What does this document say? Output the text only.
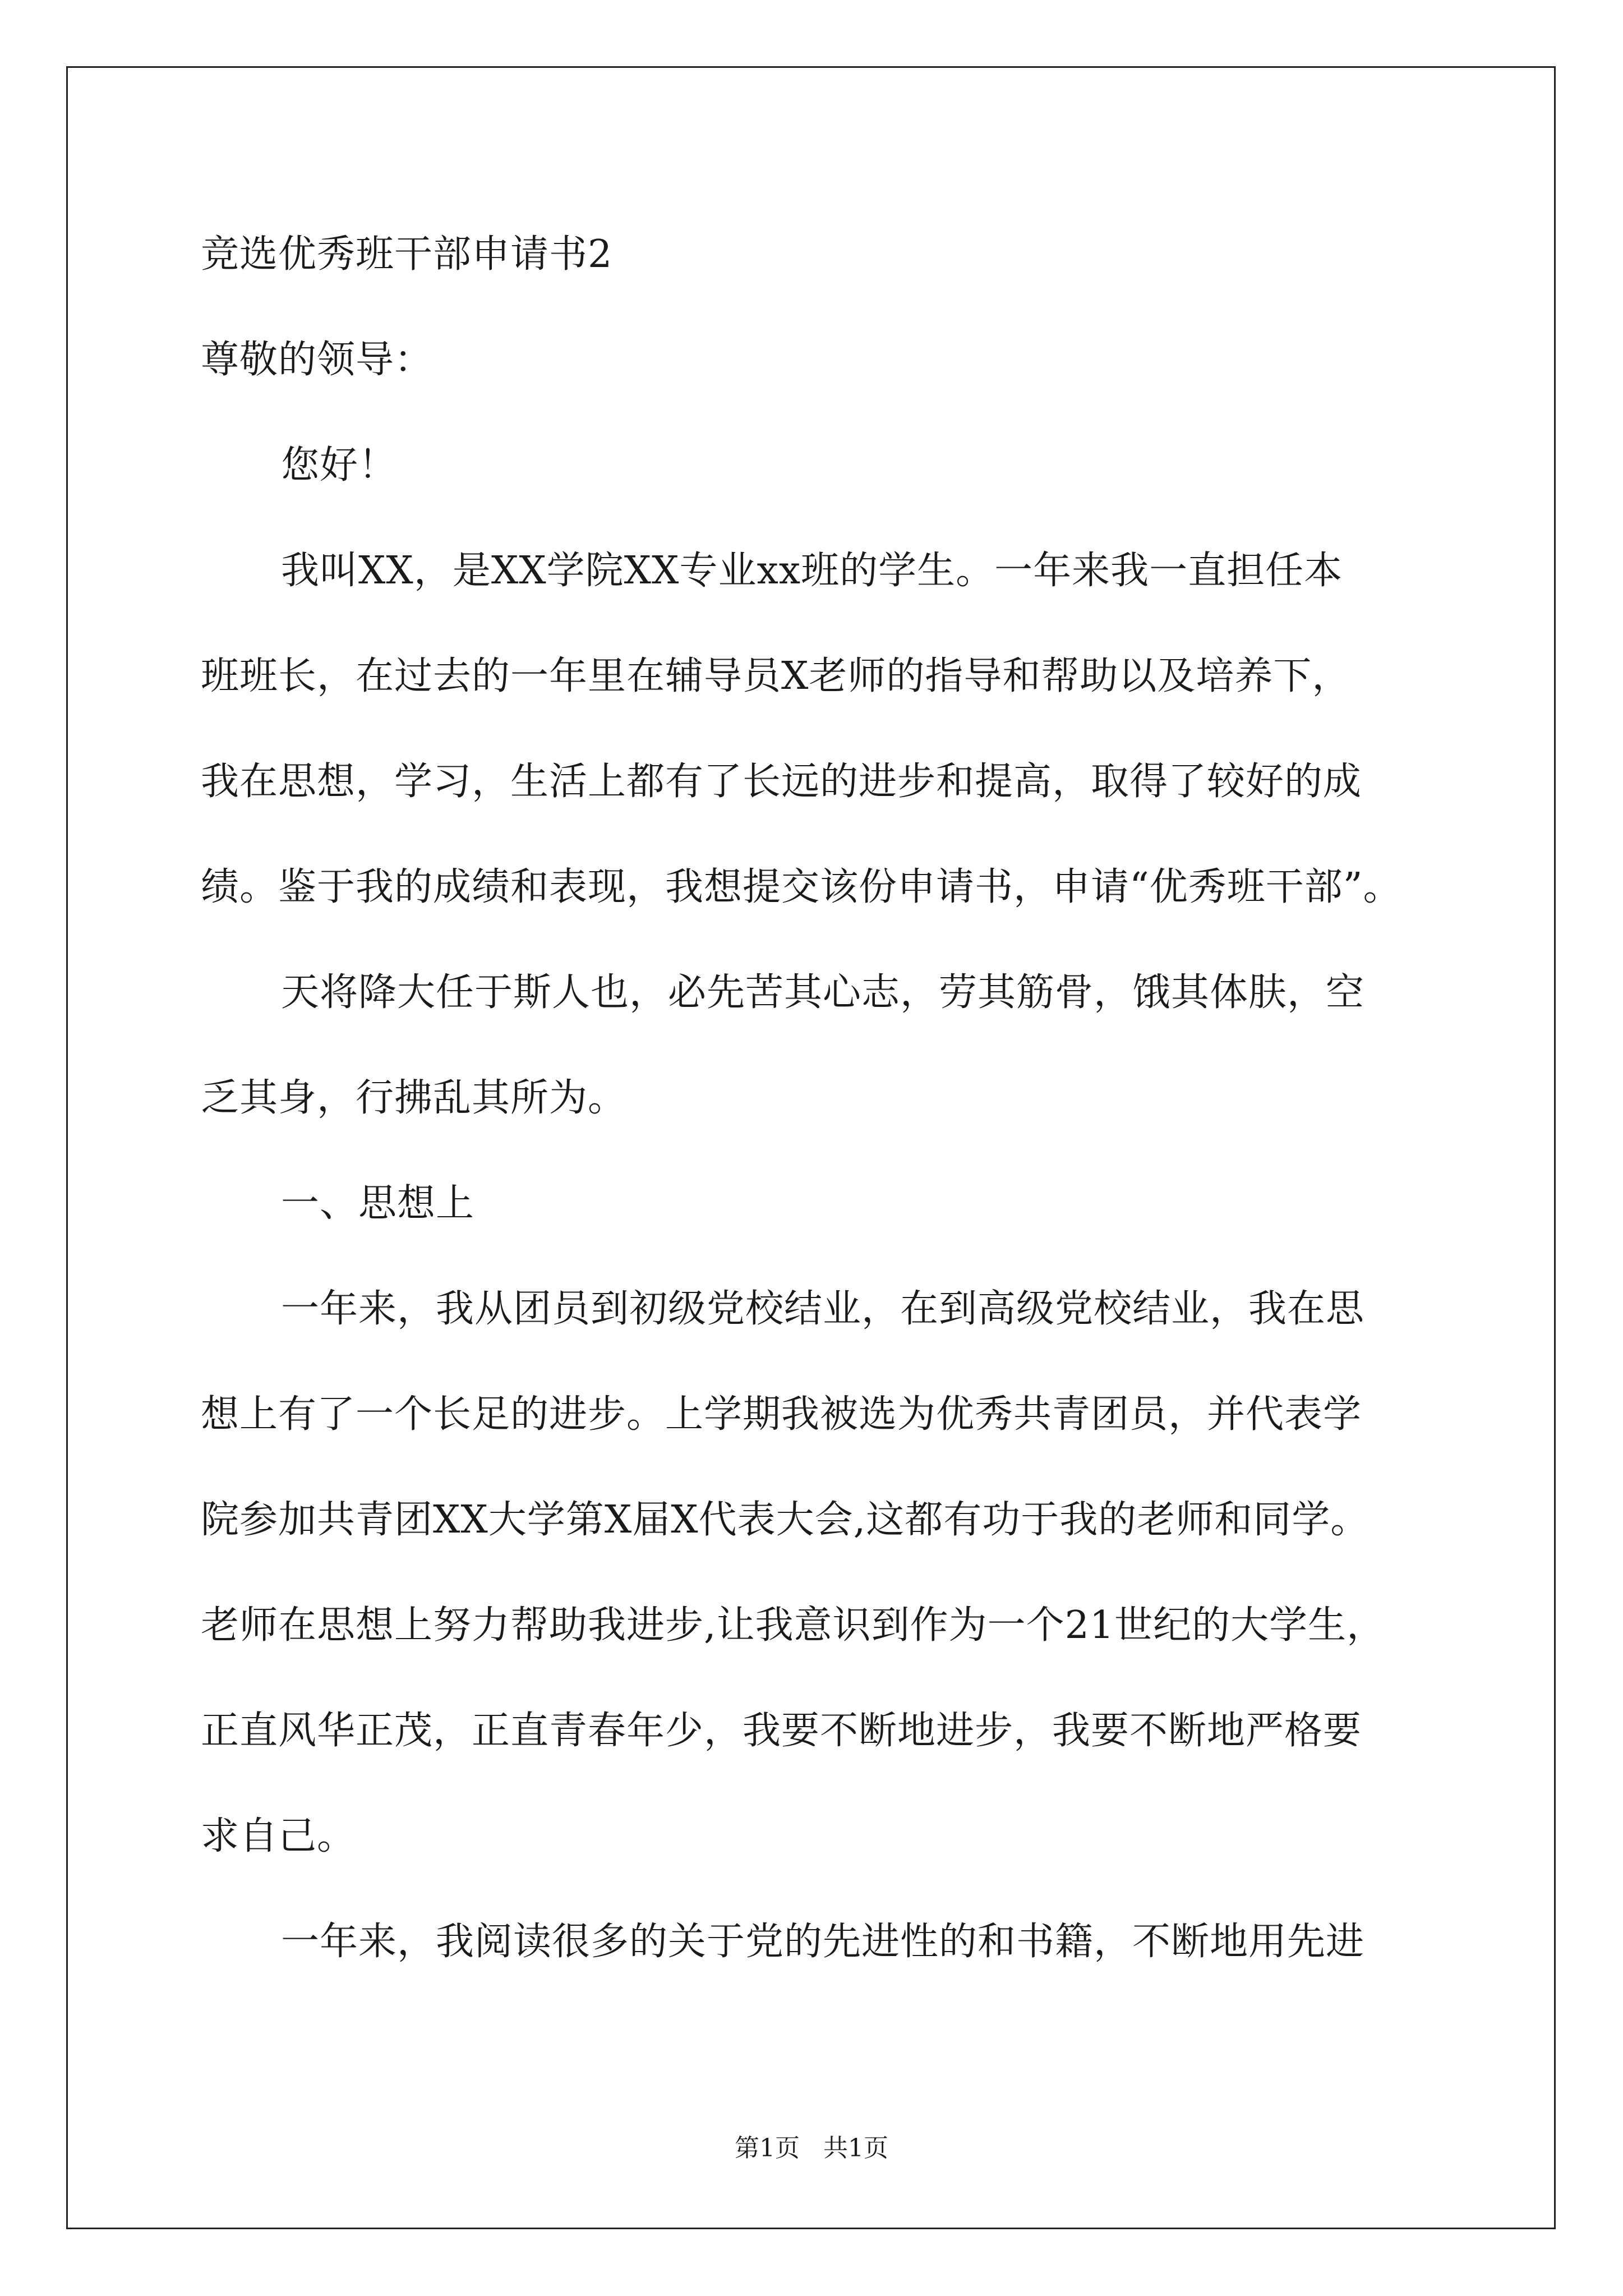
竞选优秀班干部申请书2
尊敬的领导：
您好！
我叫XX，是XX学院XX专业xx班的学生。一年来我一直担任本
班班长，在过去的一年里在辅导员X老师的指导和帮助以及培养下，
我在思想，学习，生活上都有了长远的进步和提高，取得了较好的成
绩。鉴于我的成绩和表现，我想提交该份申请书，申请“优秀班干部”。
天将降大任于斯人也，必先苦其心志，劳其筋骨，饿其体肤，空
乏其身，行拂乱其所为。
一、思想上
一年来，我从团员到初级党校结业，在到高级党校结业，我在思
想上有了一个长足的进步。上学期我被选为优秀共青团员，并代表学
院参加共青团XX大学第X届X代表大会,这都有功于我的老师和同学。
老师在思想上努力帮助我进步,让我意识到作为一个21世纪的大学生，
正直风华正茂，正直青春年少，我要不断地进步，我要不断地严格要
求自己。
一年来，我阅读很多的关于党的先进性的和书籍，不断地用先进
第1页   共1页
